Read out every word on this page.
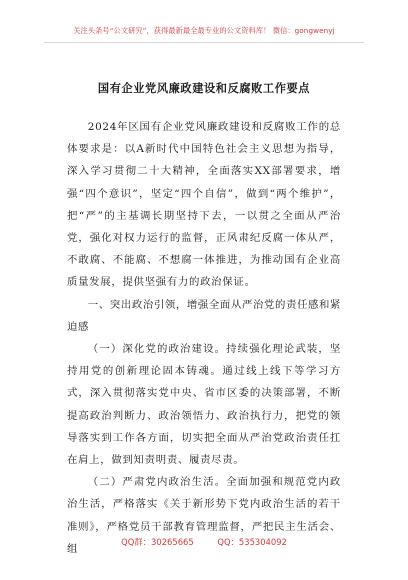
关注头条号“公文研究”，获得最新最全最专业的公文资料库！ 微信：gongwenyj
国有企业党风廉政建设和反腐败工作要点

2024年区国有企业党风廉政建设和反腐败工作的总体要求是：以A新时代中国特色社会主义思想为指导，深入学习贯彻二十大精神，全面落实XX部署要求，增强“四个意识”，坚定“四个自信”，做到“两个维护”，把“严”的主基调长期坚持下去，一以贯之全面从严治党，强化对权力运行的监督，正风肃纪反腐一体从严，不敢腐、不能腐、不想腐一体推进，为推动国有企业高质量发展，提供坚强有力的政治保证。

一、突出政治引领，增强全面从严治党的责任感和紧迫感

（一）深化党的政治建设。持续强化理论武装，坚持用党的创新理论固本铸魂。通过线上线下等学习方式，深入贯彻落实党中央、省市区委的决策部署，不断提高政治判断力、政治领悟力、政治执行力，把党的领导落实到工作各方面，切实把全面从严治党政治责任扛在肩上，做到知责明责、履责尽责。

（二）严肃党内政治生活。全面加强和规范党内政治生活，严格落实《关于新形势下党内政治生活的若干准则》，严格党员干部教育管理监督，严把民主生活会、组

QQ群：30265665	QQ：535304092
